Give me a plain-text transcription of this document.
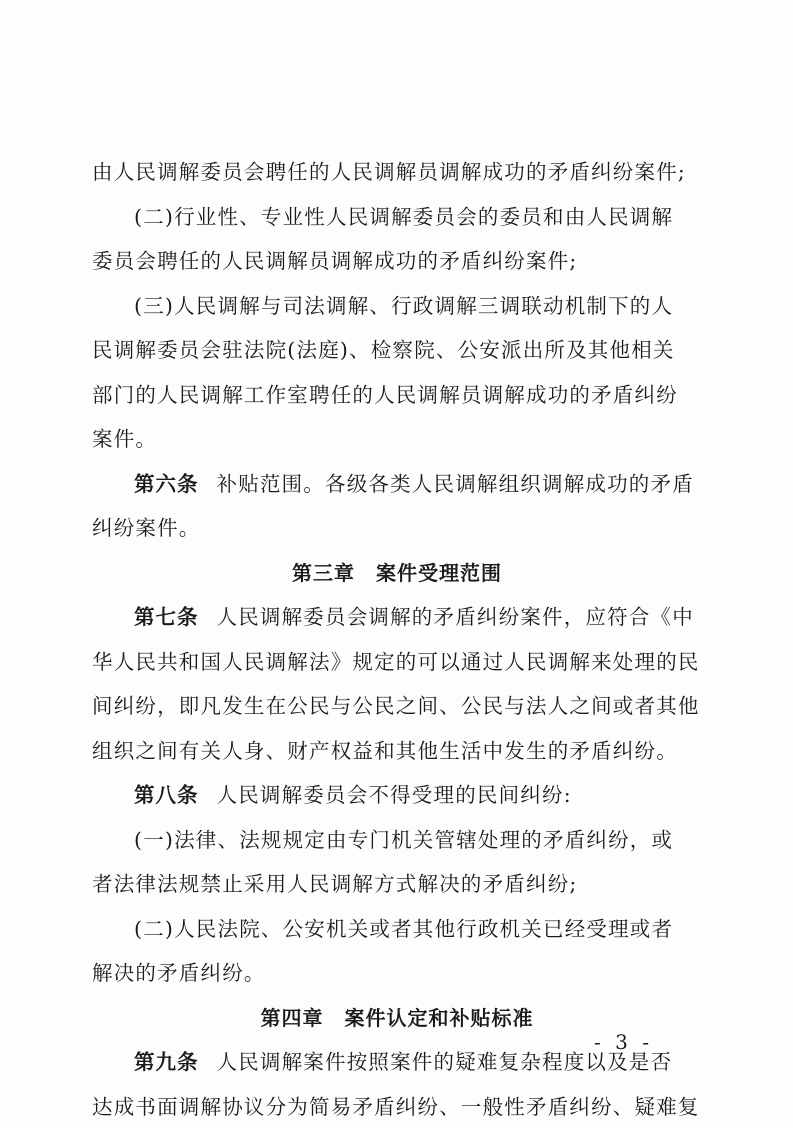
由人民调解委员会聘任的人民调解员调解成功的矛盾纠纷案件;
(二)行业性、专业性人民调解委员会的委员和由人民调解
委员会聘任的人民调解员调解成功的矛盾纠纷案件;
(三)人民调解与司法调解、行政调解三调联动机制下的人
民调解委员会驻法院(法庭)、检察院、公安派出所及其他相关
部门的人民调解工作室聘任的人民调解员调解成功的矛盾纠纷
案件。
第六条 补贴范围。各级各类人民调解组织调解成功的矛盾
纠纷案件。
第三章　案件受理范围
第七条 人民调解委员会调解的矛盾纠纷案件，应符合《中
华人民共和国人民调解法》规定的可以通过人民调解来处理的民
间纠纷，即凡发生在公民与公民之间、公民与法人之间或者其他
组织之间有关人身、财产权益和其他生活中发生的矛盾纠纷。
第八条 人民调解委员会不得受理的民间纠纷:
(一)法律、法规规定由专门机关管辖处理的矛盾纠纷，或
者法律法规禁止采用人民调解方式解决的矛盾纠纷;
(二)人民法院、公安机关或者其他行政机关已经受理或者
解决的矛盾纠纷。
第四章　案件认定和补贴标准
第九条 人民调解案件按照案件的疑难复杂程度以及是否
达成书面调解协议分为简易矛盾纠纷、一般性矛盾纠纷、疑难复
- 3 -
